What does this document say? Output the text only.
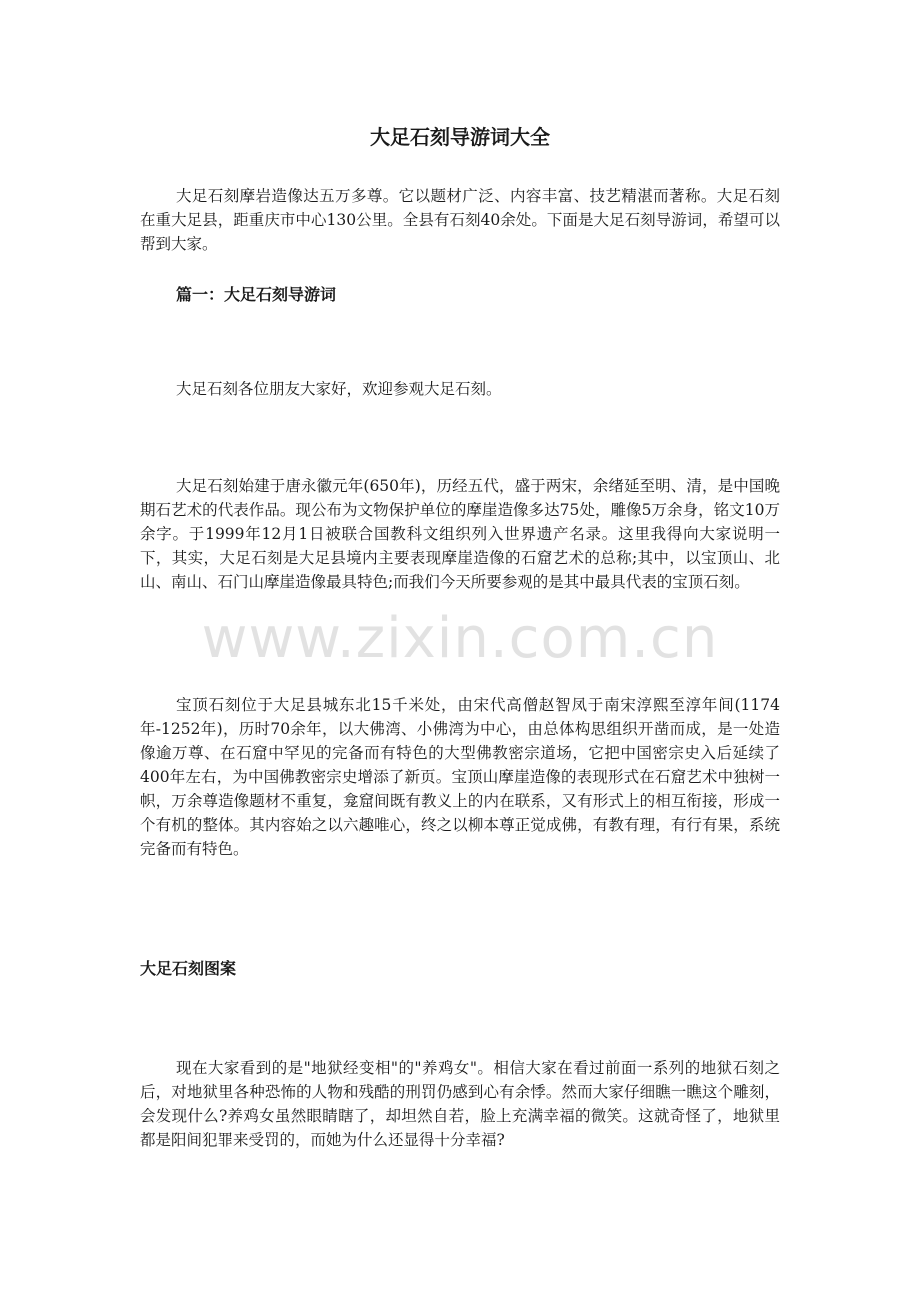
大足石刻导游词大全

大足石刻摩岩造像达五万多尊。它以题材广泛、内容丰富、技艺精湛而著称。大足石刻在重大足县，距重庆市中心130公里。全县有石刻40余处。下面是大足石刻导游词，希望可以帮到大家。

篇一：大足石刻导游词

大足石刻各位朋友大家好，欢迎参观大足石刻。

大足石刻始建于唐永徽元年(650年)，历经五代，盛于两宋，余绪延至明、清，是中国晚期石艺术的代表作品。现公布为文物保护单位的摩崖造像多达75处，雕像5万余身，铭文10万余字。于1999年12月1日被联合国教科文组织列入世界遗产名录。这里我得向大家说明一下，其实，大足石刻是大足县境内主要表现摩崖造像的石窟艺术的总称;其中，以宝顶山、北山、南山、石门山摩崖造像最具特色;而我们今天所要参观的是其中最具代表的宝顶石刻。

www.zixin.com.cn

宝顶石刻位于大足县城东北15千米处，由宋代高僧赵智凤于南宋淳熙至淳年间(1174年-1252年)，历时70余年，以大佛湾、小佛湾为中心，由总体构思组织开凿而成，是一处造像逾万尊、在石窟中罕见的完备而有特色的大型佛教密宗道场，它把中国密宗史入后延续了400年左右，为中国佛教密宗史增添了新页。宝顶山摩崖造像的表现形式在石窟艺术中独树一帜，万余尊造像题材不重复，龛窟间既有教义上的内在联系，又有形式上的相互衔接，形成一个有机的整体。其内容始之以六趣唯心，终之以柳本尊正觉成佛，有教有理，有行有果，系统完备而有特色。

大足石刻图案

现在大家看到的是"地狱经变相"的"养鸡女"。相信大家在看过前面一系列的地狱石刻之后，对地狱里各种恐怖的人物和残酷的刑罚仍感到心有余悸。然而大家仔细瞧一瞧这个雕刻，会发现什么?养鸡女虽然眼睛瞎了，却坦然自若，脸上充满幸福的微笑。这就奇怪了，地狱里都是阳间犯罪来受罚的，而她为什么还显得十分幸福?
